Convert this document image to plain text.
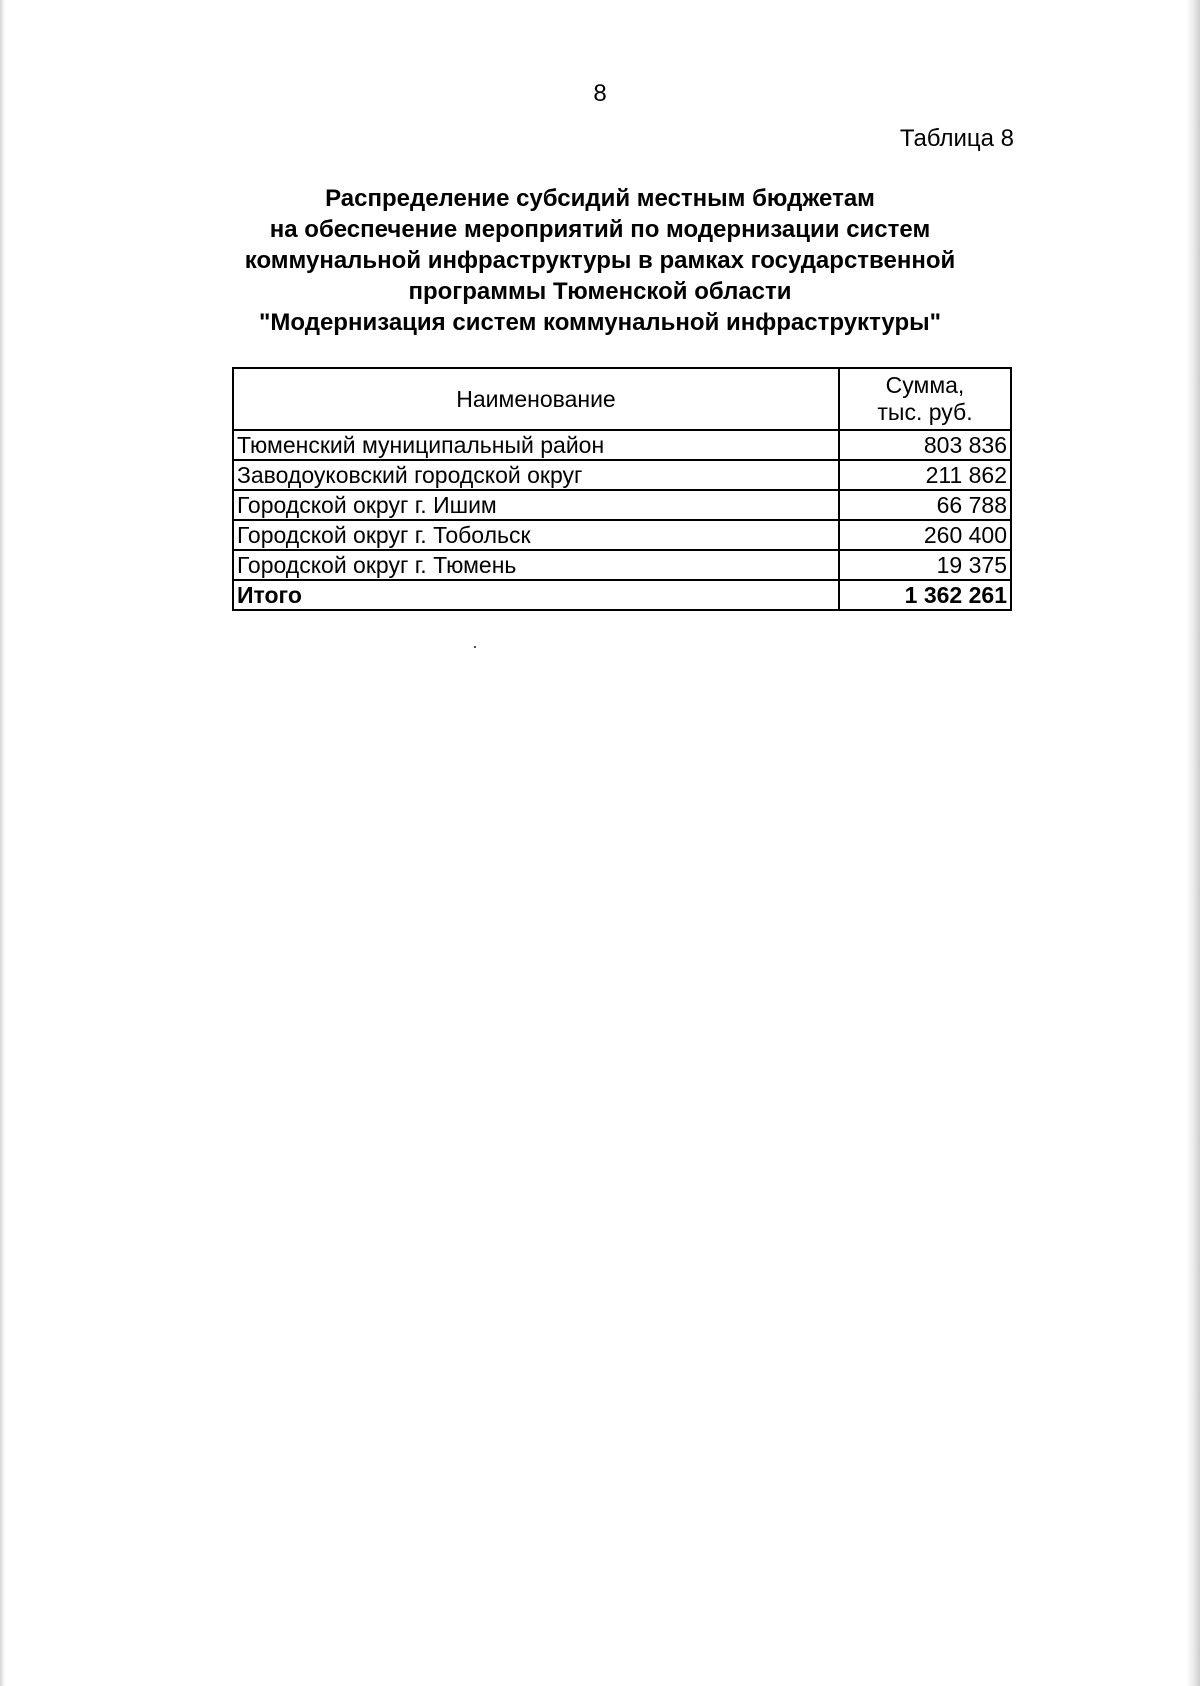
8
Таблица 8
Распределение субсидий местным бюджетам
на обеспечение мероприятий по модернизации систем
коммунальной инфраструктуры в рамках государственной
программы Тюменской области
"Модернизация систем коммунальной инфраструктуры"
Наименование	Сумма,
тыс. руб.

Тюменский муниципальный район	803 836
Заводоуковский городской округ	211 862
Городской округ г. Ишим	66 788
Городской округ г. Тобольск	260 400
Городской округ г. Тюмень	19 375
Итого	1 362 261
